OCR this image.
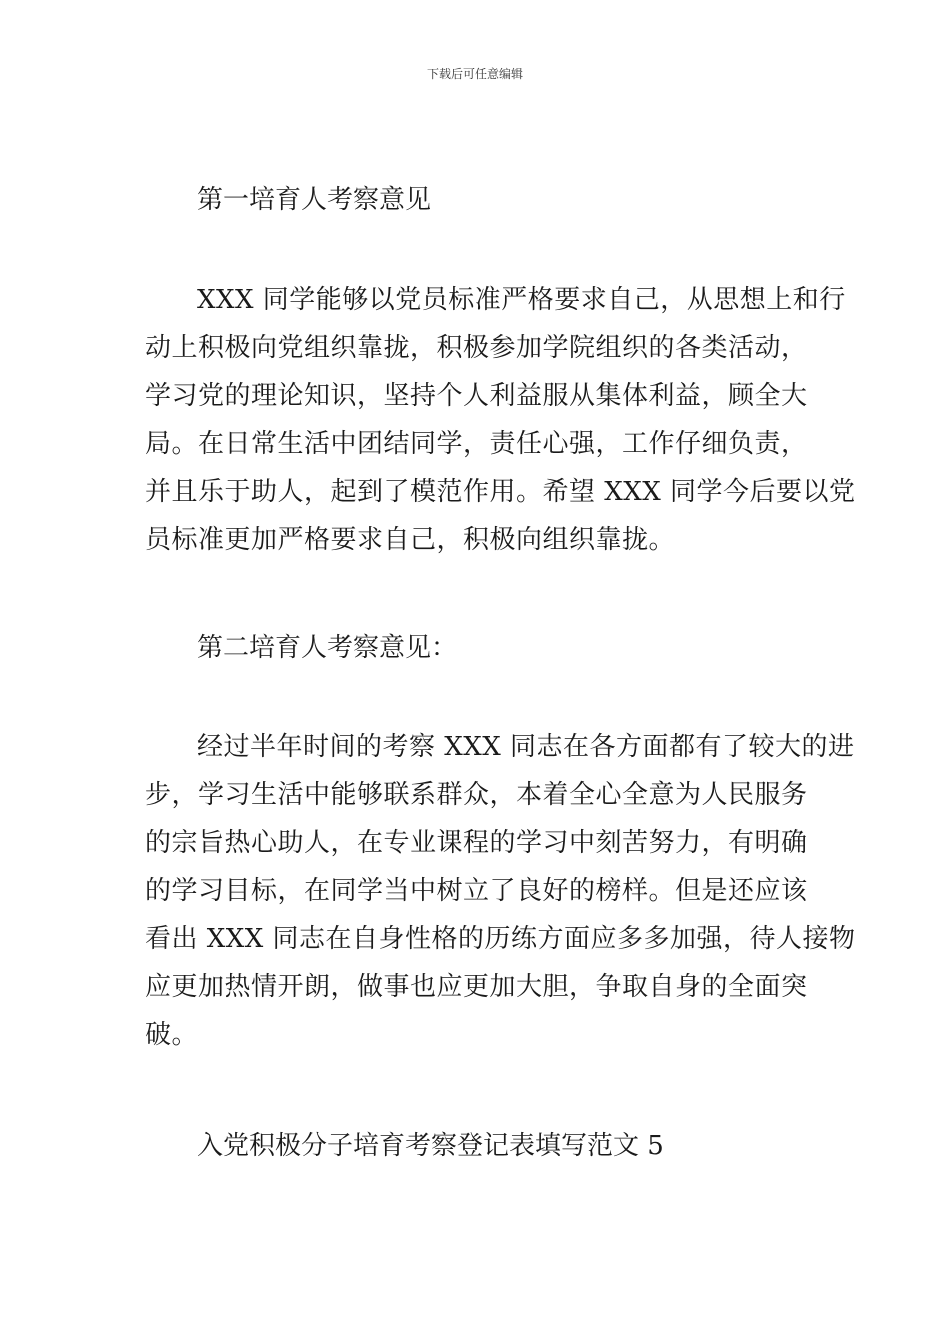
下载后可任意编辑
第一培育人考察意见
XXX 同学能够以党员标准严格要求自己，从思想上和行
动上积极向党组织靠拢，积极参加学院组织的各类活动，
学习党的理论知识，坚持个人利益服从集体利益，顾全大
局。在日常生活中团结同学，责任心强，工作仔细负责，
并且乐于助人，起到了模范作用。希望 XXX 同学今后要以党
员标准更加严格要求自己，积极向组织靠拢。
第二培育人考察意见：
经过半年时间的考察 XXX 同志在各方面都有了较大的进
步，学习生活中能够联系群众，本着全心全意为人民服务
的宗旨热心助人，在专业课程的学习中刻苦努力，有明确
的学习目标，在同学当中树立了良好的榜样。但是还应该
看出 XXX 同志在自身性格的历练方面应多多加强，待人接物
应更加热情开朗，做事也应更加大胆，争取自身的全面突
破。
入党积极分子培育考察登记表填写范文 5
